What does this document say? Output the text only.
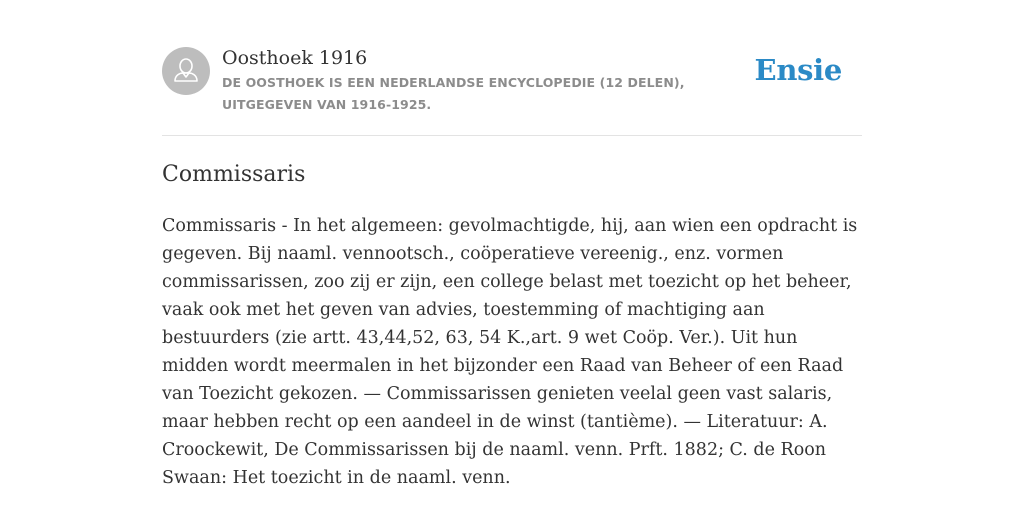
Oosthoek 1916
DE OOSTHOEK IS EEN NEDERLANDSE ENCYCLOPEDIE (12 DELEN), UITGEGEVEN VAN 1916-1925.
Ensie
Commissaris

Commissaris - In het algemeen: gevolmachtigde, hij, aan wien een opdracht is gegeven. Bij naaml. vennootsch., coöperatieve vereenig., enz. vormen commissarissen, zoo zij er zijn, een college belast met toezicht op het beheer, vaak ook met het geven van advies, toestemming of machtiging aan bestuurders (zie artt. 43,44,52, 63, 54 K.,art. 9 wet Coöp. Ver.). Uit hun midden wordt meermalen in het bijzonder een Raad van Beheer of een Raad van Toezicht gekozen. — Commissarissen genieten veelal geen vast salaris, maar hebben recht op een aandeel in de winst (tantième). — Literatuur: A. Croockewit, De Commissarissen bij de naaml. venn. Prft. 1882; C. de Roon Swaan: Het toezicht in de naaml. venn.
